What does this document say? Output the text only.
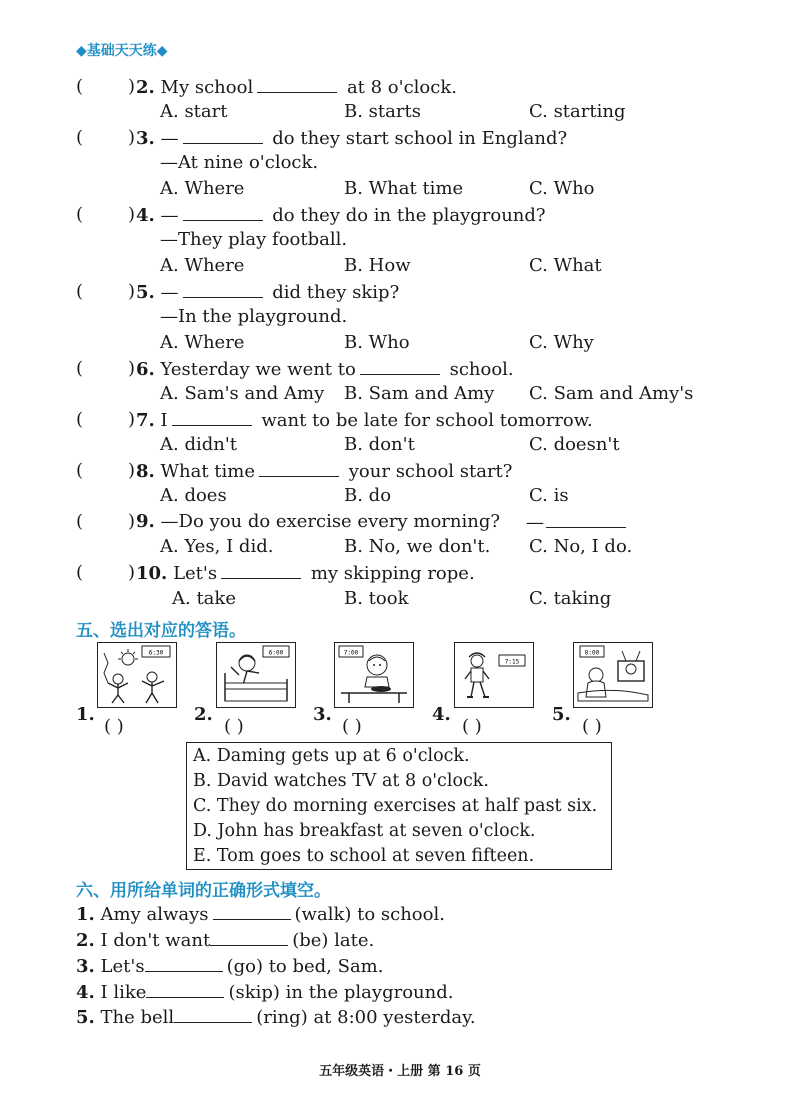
◆基础天天练◆
( ) 2. My school	at 8 o'clock.
A. start	B. starts	C. starting
( ) 3. —	do they start school in England?
—At nine o'clock.
A. Where	B. What time	C. Who
( ) 4. —	do they do in the playground?
—They play football.
A. Where	B. How	C. What
( ) 5. —	did they skip?
—In the playground.
A. Where	B. Who	C. Why
( ) 6. Yesterday we went to	school.
A. Sam's and Amy B. Sam and Amy C. Sam and Amy's
( ) 7. I	want to be late for school tomorrow.
A. didn't	B. don't	C. doesn't
( ) 8. What time	your school start?
A. does	B. do	C. is
( ) 9. —Do you do exercise every morning? —
A. Yes, I did.	B. No, we don't. C. No, I do.
( ) 10. Let's	my skipping rope.
A. take	B. took	C. taking
五、选出对应的答语。
6:30
1.
( )
6:00
2.
( )
7:00
3.
( )
7:15
4.
( )
8:00
5.
( )
A. Daming gets up at 6 o'clock.
B. David watches TV at 8 o'clock.
C. They do morning exercises at half past six.
D. John has breakfast at seven o'clock.
E. Tom goes to school at seven fifteen.
六、用所给单词的正确形式填空。
1. Amy always	(walk) to school.
2. I don't want	(be) late.
3. Let's	(go) to bed, Sam.
4. I like	(skip) in the playground.
5. The bell	(ring) at 8:00 yesterday.
五年级英语・上册 第 16 页
